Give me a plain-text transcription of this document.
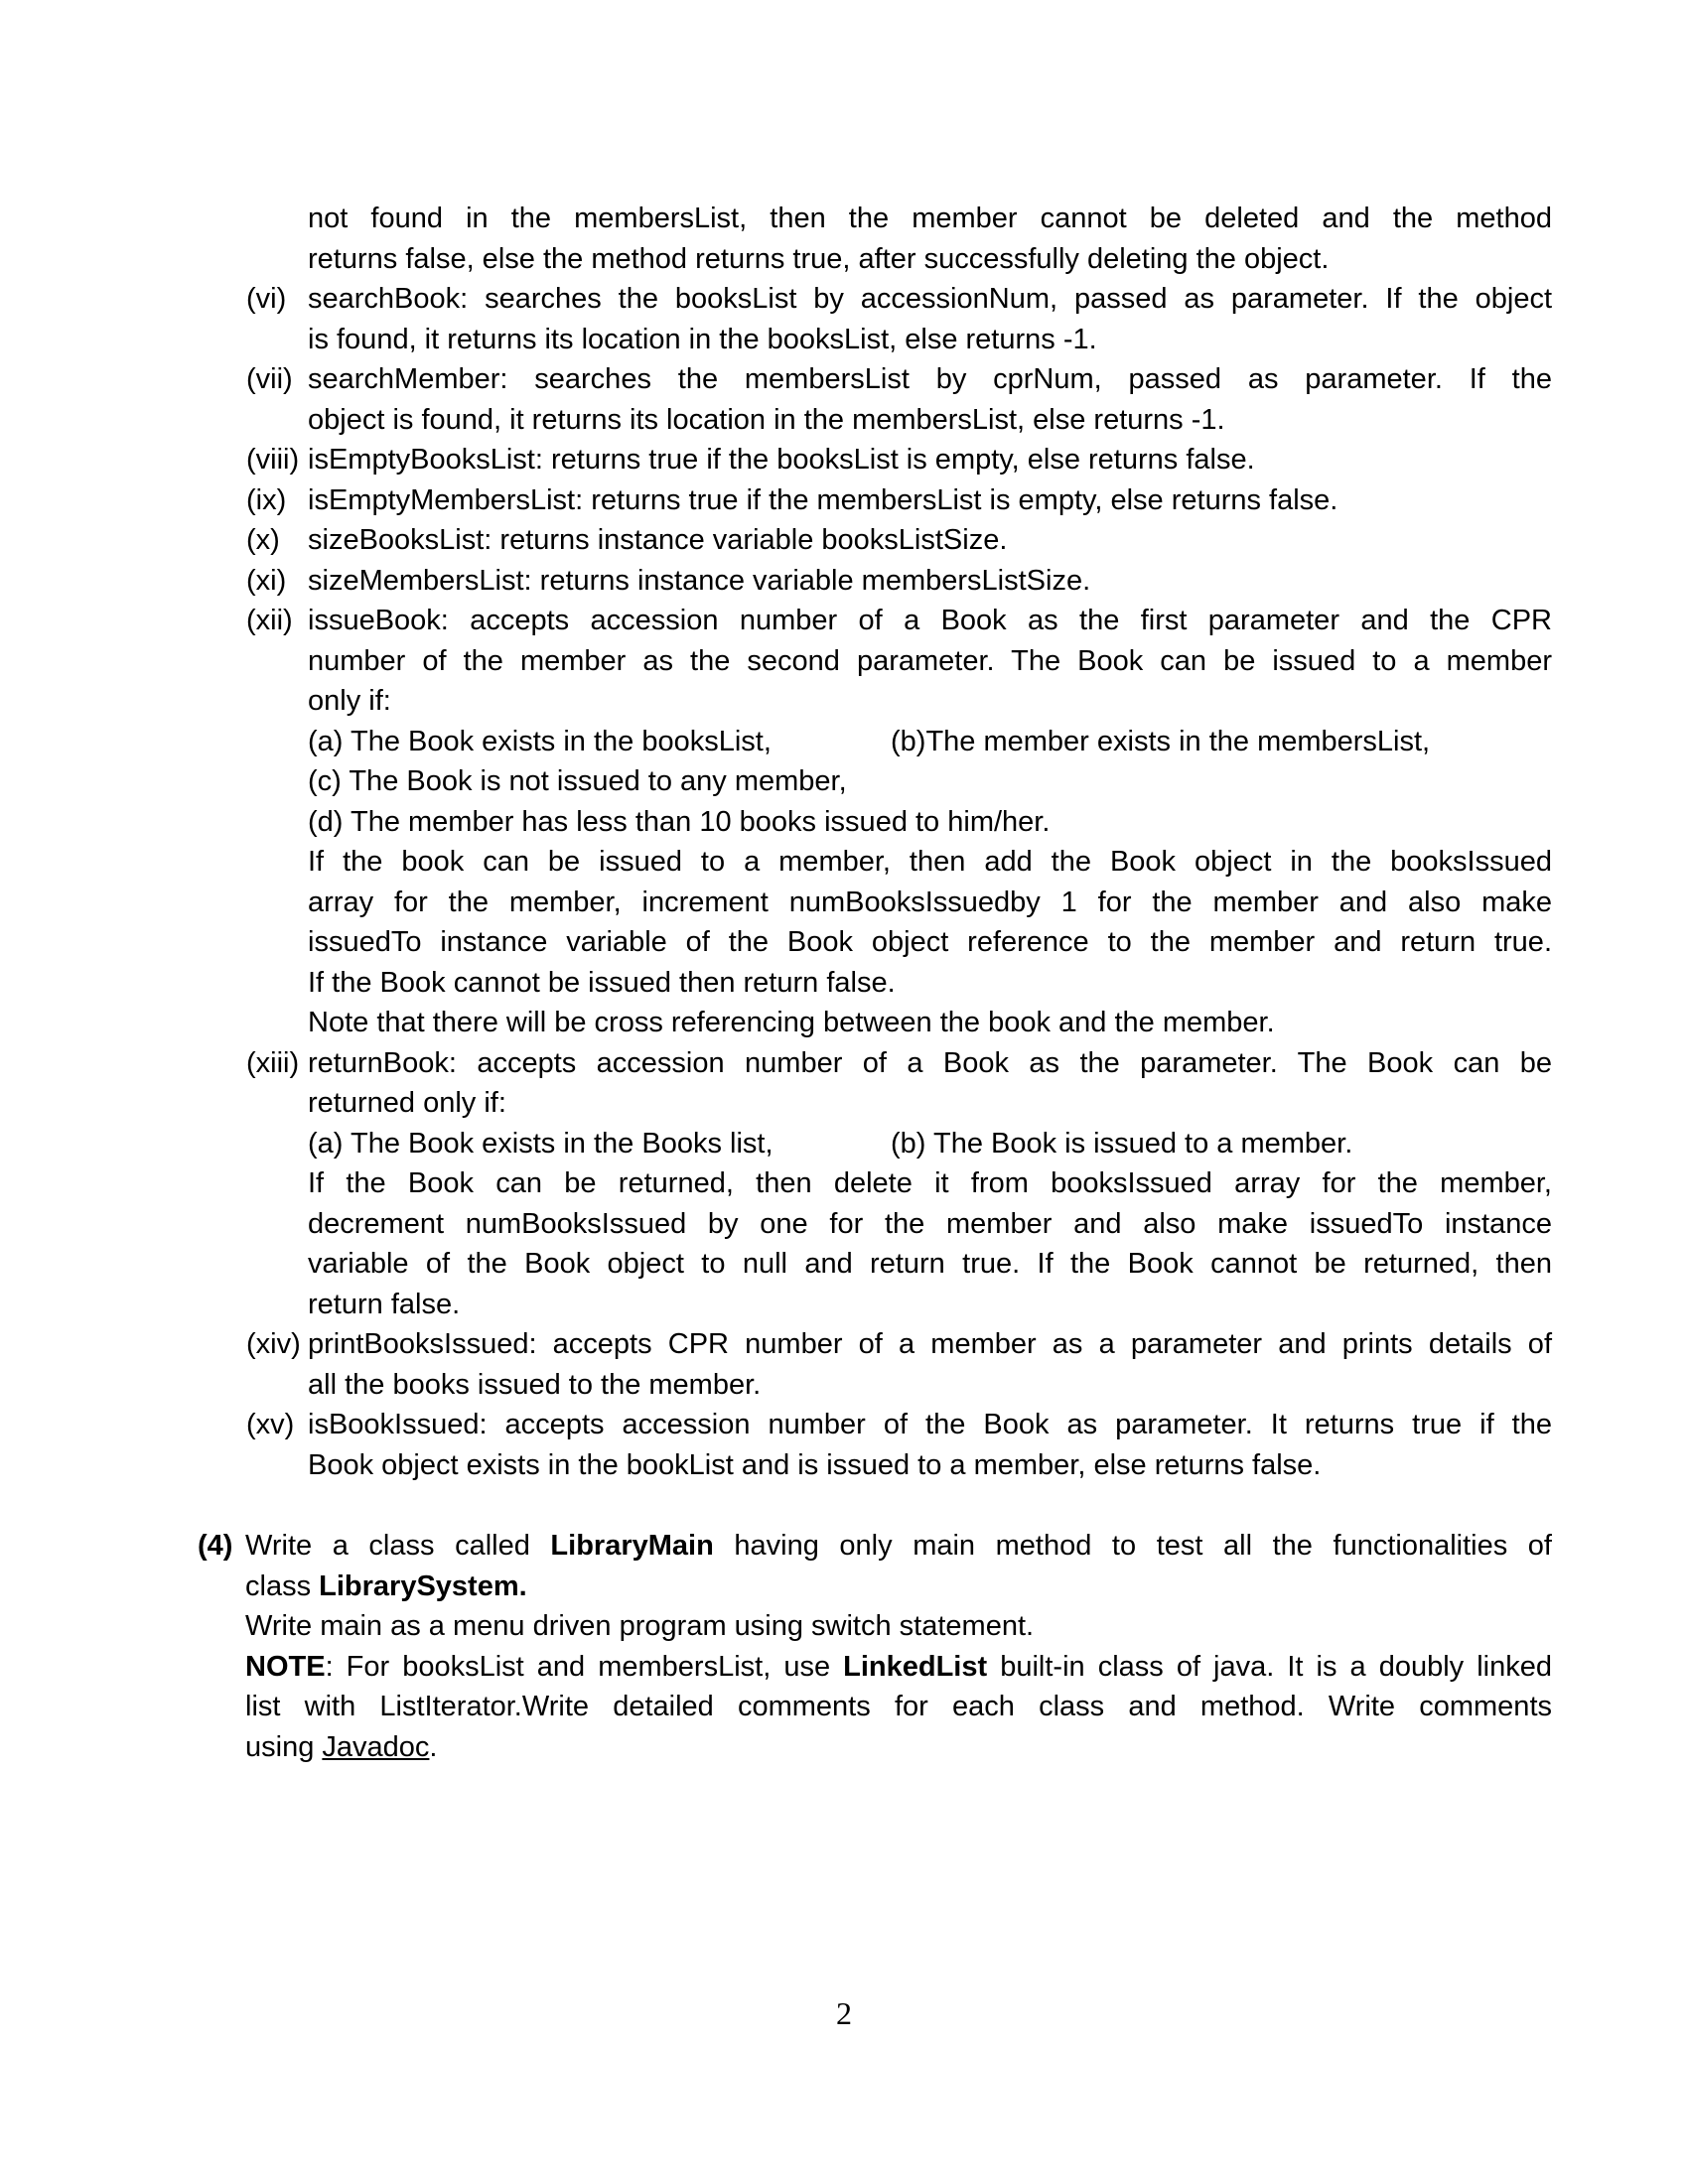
not found in the membersList, then the member cannot be deleted and the method
returns false, else the method returns true, after successfully deleting the object.
(vi) searchBook: searches the booksList by accessionNum, passed as parameter. If the object
is found, it returns its location in the booksList, else returns -1.
(vii) searchMember: searches the membersList by cprNum, passed as parameter. If the
object is found, it returns its location in the membersList, else returns -1.
(viii) isEmptyBooksList: returns true if the booksList is empty, else returns false.
(ix) isEmptyMembersList: returns true if the membersList is empty, else returns false.
(x) sizeBooksList: returns instance variable booksListSize.
(xi) sizeMembersList: returns instance variable membersListSize.
(xii) issueBook: accepts accession number of a Book as the first parameter and the CPR
number of the member as the second parameter. The Book can be issued to a member
only if:
(a) The Book exists in the booksList,	(b)The member exists in the membersList,
(c) The Book is not issued to any member,
(d) The member has less than 10 books issued to him/her.
If the book can be issued to a member, then add the Book object in the booksIssued
array for the member, increment numBooksIssuedby 1 for the member and also make
issuedTo instance variable of the Book object reference to the member and return true.
If the Book cannot be issued then return false.
Note that there will be cross referencing between the book and the member.
(xiii) returnBook: accepts accession number of a Book as the parameter. The Book can be
returned only if:
(a) The Book exists in the Books list,	(b) The Book is issued to a member.
If the Book can be returned, then delete it from booksIssued array for the member,
decrement numBooksIssued by one for the member and also make issuedTo instance
variable of the Book object to null and return true. If the Book cannot be returned, then
return false.
(xiv) printBooksIssued: accepts CPR number of a member as a parameter and prints details of
all the books issued to the member.
(xv) isBookIssued: accepts accession number of the Book as parameter. It returns true if the
Book object exists in the bookList and is issued to a member, else returns false.
(4) Write a class called LibraryMain having only main method to test all the functionalities of
class LibrarySystem.
Write main as a menu driven program using switch statement.
NOTE: For booksList and membersList, use LinkedList built-in class of java. It is a doubly linked
list with ListIterator.Write detailed comments for each class and method. Write comments
using Javadoc.
2
